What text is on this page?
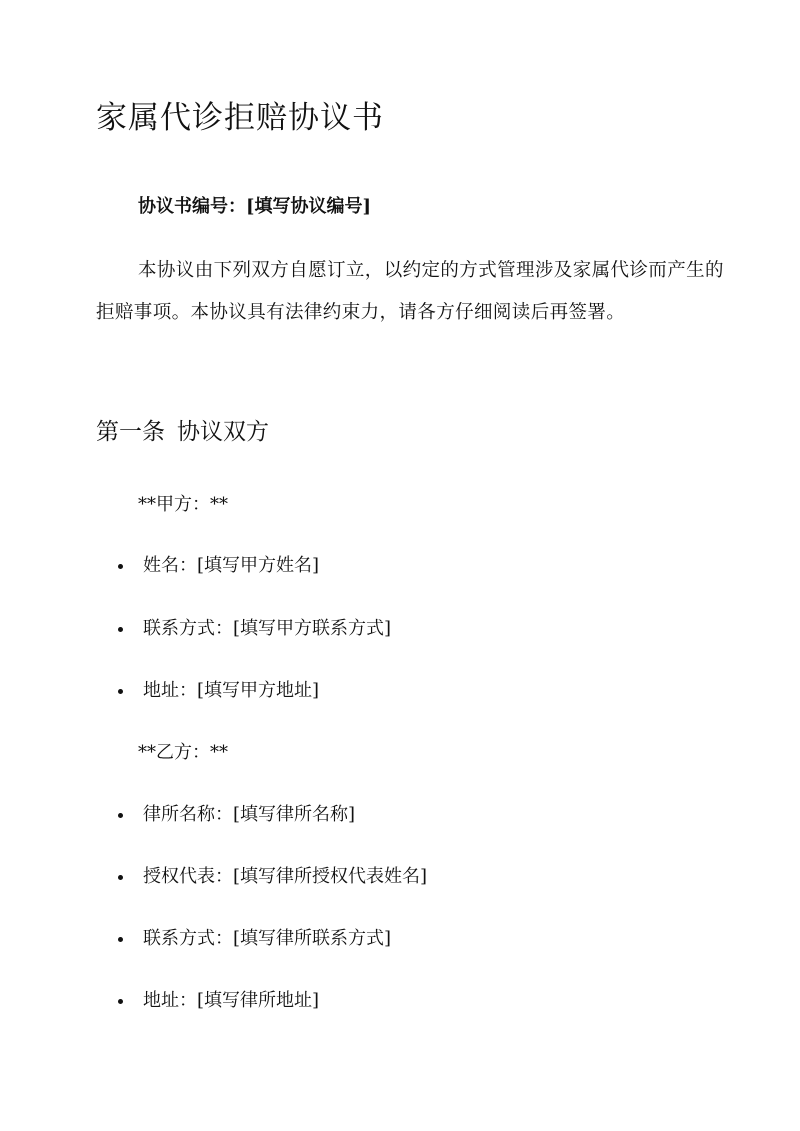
家属代诊拒赔协议书

协议书编号：[填写协议编号]

本协议由下列双方自愿订立，以约定的方式管理涉及家属代诊而产生的拒赔事项。本协议具有法律约束力，请各方仔细阅读后再签署。

第一条 协议双方

**甲方：**

姓名：[填写甲方姓名]

联系方式：[填写甲方联系方式]

地址：[填写甲方地址]

**乙方：**

律所名称：[填写律所名称]

授权代表：[填写律所授权代表姓名]

联系方式：[填写律所联系方式]

地址：[填写律所地址]
